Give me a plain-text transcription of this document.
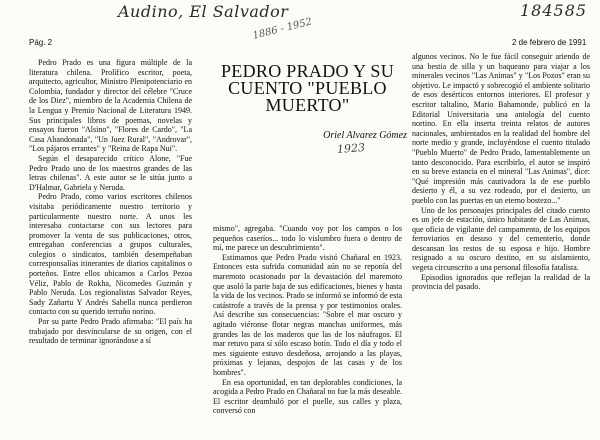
Audino, El Salvador	184585
1886 - 1952
1923
Pág. 2	2 de febrero de 1991
PEDRO PRADO Y SU CUENTO "PUEBLO MUERTO"
Oriel Alvarez Gómez

Pedro Prado es una figura múltiple de la literatura chilena. Prolífico escritor, poeta, arquitecto, agricultor, Ministro Plenipotenciario en Colombia, fundador y director del célebre "Cruce de los Diez", miembro de la Academia Chilena de la Lengua y Premio Nacional de Literatura 1949. Sus principales libros de poemas, novelas y ensayos fueron "Alsino", "Flores de Cardo", "La Casa Abandonada", "Un Juez Rural", "Androvar", "Los pájaros errantes" y "Reina de Rapa Nui".

Según el desaparecido crítico Alone, "Fue Pedro Prado uno de los maestros grandes de las letras chilenas". A este autor se le sitúa junto a D'Halmar, Gabriela y Neruda.

Pedro Prado, como varios escritores chilenos visitaba periódicamente nuestro territorio y particularmente nuestro norte. A unos les interesaba contactarse con sus lectores para promover la venta de sus publicaciones, otros, entregaban conferencias a grupos culturales, colegios o sindicatos, también desempeñaban corresponsalías itinerantes de diarios capitalinos o porteños. Entre ellos ubicamos a Carlos Pezoa Véliz, Pablo de Rokha, Nicomedes Guzmán y Pablo Neruda. Los regionalistas Salvador Reyes, Sady Zañartu Y Andrés Sabella nunca perdieron contacto con su querido terruño norino.

Por su parte Pedro Prado afirmaba: "El país ha trabajado por desvincularse de su origen, con el resultado de terminar ignorándose a sí

mismo", agregaba. "Cuando voy por los campos o los pequeños caseríos... todo lo vislumbro fuera o dentro de mí, me parece un descubrimiento".

Estimamos que Pedro Prado visitó Chañaral en 1923. Entonces esta sufrida comunidad aún no se reponía del maremoto ocasionado por la devastación del maremoto que asoló la parte baja de sus edificaciones, bienes y hasta la vida de los vecinos. Prado se informó se informó de esta catástrofe a través de la prensa y por testimonios orales. Así describe sus consecuencias: "Sobre el mar oscuro y agitado viéronse flotar negras manchas uniformes, más grandes las de los maderos que las de los náufragos. El mar retuvo para sí sólo escaso botín. Todo el día y todo el mes siguiente estuvo desdeñosa, arrojando a las playas, próximas y lejanas, despojos de las casas y de los hombres".

En esa oportunidad, en tan deplorables condiciones, la acogida a Pedro Prado en Chañaral no fue la más deseable. El escritor deambuló por el puelle, sus calles y plaza, conversó con

algunos vecinos. No le fue fácil conseguir ariendo de una bestia de silla y un baqueano para viajar a los minerales vecinos "Las Animas" y "Los Pozos" eran su objetivo. Le impactó y sobrecogió el ambiente solitario de esos desérticos entornos interiores. El profesor y escritor taltalino, Mario Bahamonde, publicó en la Editorial Universitaria una antología del cuento nortino. En ella inserta treinta relatos de autores nacionales, ambientados en la realidad del hombre del norte medio y grande, incluyéndose el cuento titulado "Pueblo Muerto" de Pedro Prado, lamentablemente un tanto desconocido. Para escribirlo, el autor se inspiró en su breve estancia en el mineral "Las Animas", dice: "Qué impresión más cautivadora la de ese pueblo desierto y él, a su vez rodeado, por el desierto, un pueblo con las puertas en un eterno bostezo..."

Uno de los personajes principales del citado cuento es un jefe de estación, único habitante de Las Animas, que oficia de vigilante del campamento, de los equipos ferroviarios en desuso y del cementerio, donde descansan los restos de su esposa e hijo. Hombre resignado a su oscuro destino, en su aislamiento, vegeta circunscrito a una personal filosofía fatalista.

Episodios ignorados que reflejan la realidad de la provincia del pasado.
